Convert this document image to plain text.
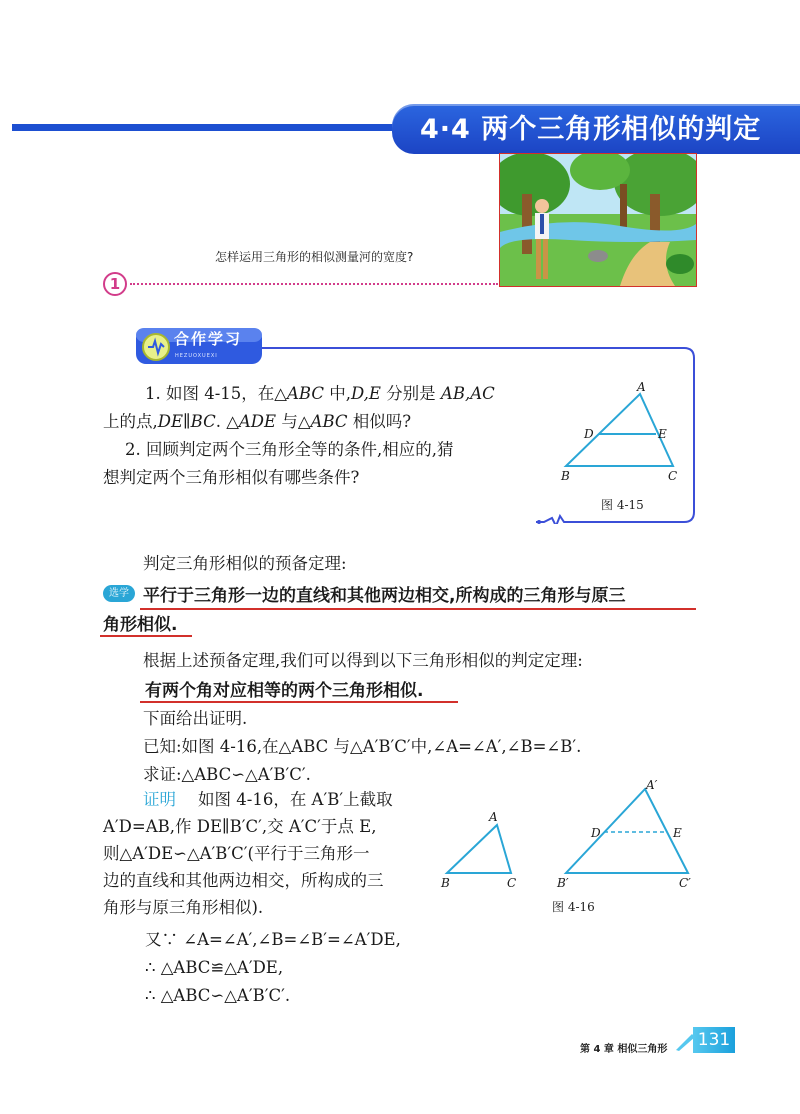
4·4 两个三角形相似的判定
怎样运用三角形的相似测量河的宽度?
1
合作学习
HEZUOXUEXI
1. 如图 4-15，在△ABC 中,D,E 分别是 AB,AC
上的点,DE∥BC. △ADE 与△ABC 相似吗?
2. 回顾判定两个三角形全等的条件,相应的,猜
想判定两个三角形相似有哪些条件?
A
D	E
B	C
图 4-15
判定三角形相似的预备定理:
选学 平行于三角形一边的直线和其他两边相交,所构成的三角形与原三
角形相似.
根据上述预备定理,我们可以得到以下三角形相似的判定定理:
有两个角对应相等的两个三角形相似.
下面给出证明.
已知:如图 4-16,在△ABC 与△A′B′C′中,∠A=∠A′,∠B=∠B′.
求证:△ABC∽△A′B′C′.
证明 如图 4-16，在 A′B′上截取
A′D=AB,作 DE∥B′C′,交 A′C′于点 E,
则△A′DE∽△A′B′C′(平行于三角形一
边的直线和其他两边相交，所构成的三
角形与原三角形相似).
又∵ ∠A=∠A′,∠B=∠B′=∠A′DE,
∴ △ABC≌△A′DE,
∴ △ABC∽△A′B′C′.
A
B	C
A′
D	E
B′	C′
图 4-16
第 4 章 相似三角形 131
